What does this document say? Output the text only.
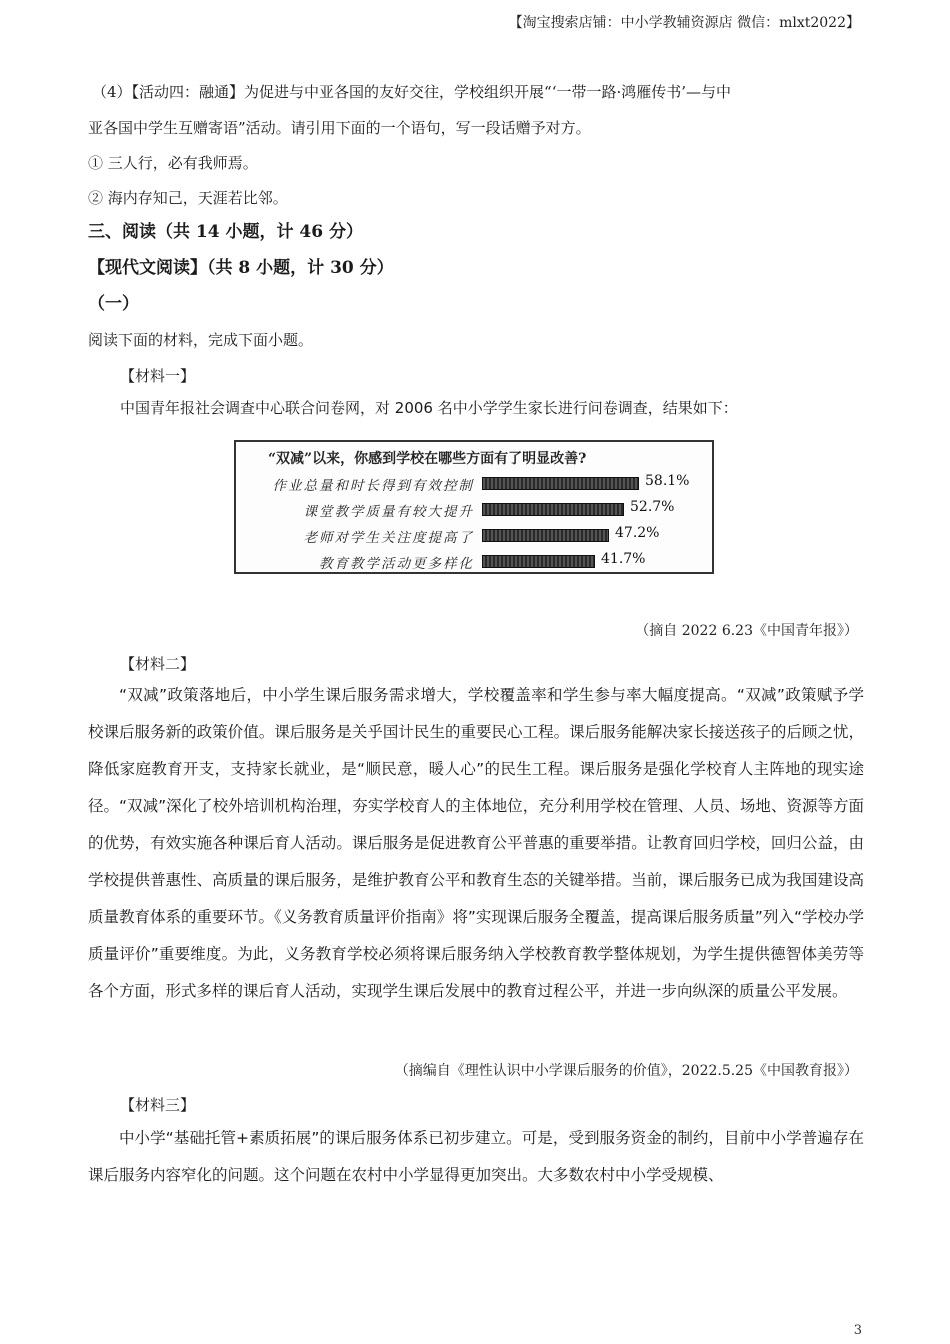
【淘宝搜索店铺：中小学教辅资源店 微信：mlxt2022】
（4）【活动四：融通】为促进与中亚各国的友好交往，学校组织开展“‘一带一路·鸿雁传书’—与中
亚各国中学生互赠寄语”活动。请引用下面的一个语句，写一段话赠予对方。
① 三人行，必有我师焉。
② 海内存知己，天涯若比邻。
三、阅读（共 14 小题，计 46 分）
【现代文阅读】（共 8 小题，计 30 分）
（一）
阅读下面的材料，完成下面小题。
【材料一】
中国青年报社会调查中心联合问卷网，对 2006 名中小学学生家长进行问卷调查，结果如下：
“双减”以来，你感到学校在哪些方面有了明显改善?
作业总量和时长得到有效控制	58.1%
课堂教学质量有较大提升	52.7%
老师对学生关注度提高了	47.2%
教育教学活动更多样化	41.7%
（摘自 2022 6.23《中国青年报》）
【材料二】
“双减”政策落地后，中小学生课后服务需求增大，学校覆盖率和学生参与率大幅度提高。“双减”政策赋予学校课后服务新的政策价值。课后服务是关乎国计民生的重要民心工程。课后服务能解决家长接送孩子的后顾之忧，降低家庭教育开支，支持家长就业，是“顺民意，暖人心”的民生工程。课后服务是强化学校育人主阵地的现实途径。“双减”深化了校外培训机构治理，夯实学校育人的主体地位，充分利用学校在管理、人员、场地、资源等方面的优势，有效实施各种课后育人活动。课后服务是促进教育公平普惠的重要举措。让教育回归学校，回归公益，由学校提供普惠性、高质量的课后服务，是维护教育公平和教育生态的关键举措。当前，课后服务已成为我国建设高质量教育体系的重要环节。《义务教育质量评价指南》将”实现课后服务全覆盖，提高课后服务质量”列入“学校办学质量评价”重要维度。为此，义务教育学校必须将课后服务纳入学校教育教学整体规划，为学生提供德智体美劳等各个方面，形式多样的课后育人活动，实现学生课后发展中的教育过程公平，并进一步向纵深的质量公平发展。
（摘编自《理性认识中小学课后服务的价值》，2022.5.25《中国教育报》）
【材料三】
中小学“基础托管+素质拓展”的课后服务体系已初步建立。可是，受到服务资金的制约，目前中小学普遍存在课后服务内容窄化的问题。这个问题在农村中小学显得更加突出。大多数农村中小学受规模、
3
